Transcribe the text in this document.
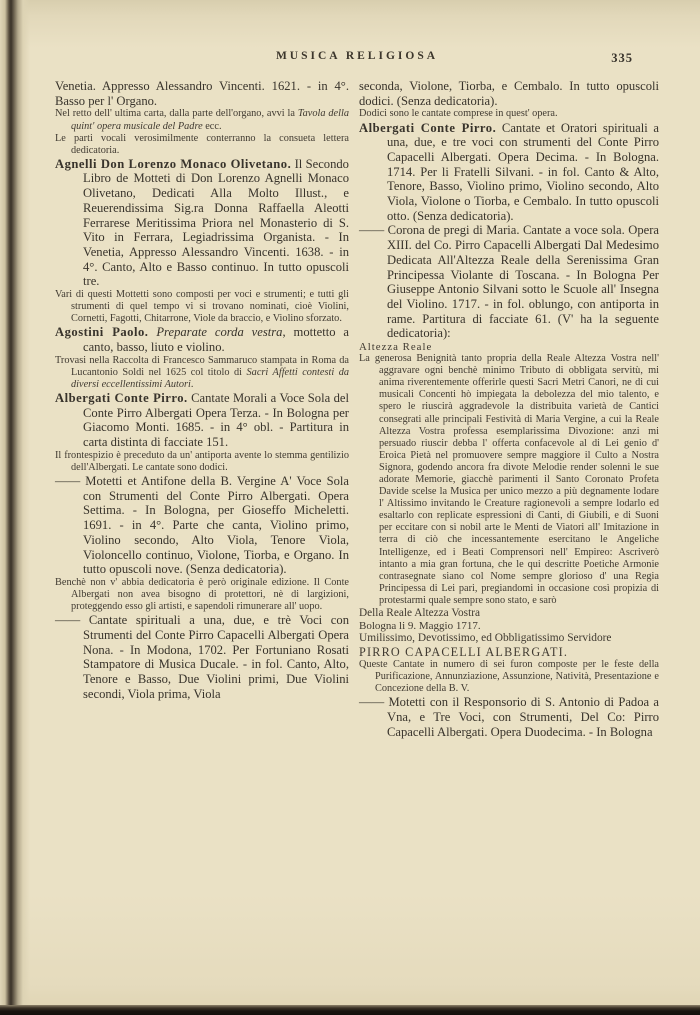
MUSICA RELIGIOSA	335

Venetia. Appresso Alessandro Vincenti. 1621. - in 4°. Basso per l' Organo.

Nel retto dell' ultima carta, dalla parte dell'organo, avvi la Tavola della quint' opera musicale del Padre ecc.

Le parti vocali verosimilmente conterranno la consueta lettera dedicatoria.

Agnelli Don Lorenzo Monaco Olivetano. Il Secondo Libro de Motteti di Don Lorenzo Agnelli Monaco Olivetano, Dedicati Alla Molto Illust., e Reuerendissima Sig.ra Donna Raffaella Aleotti Ferrarese Meritissima Priora nel Monasterio di S. Vito in Ferrara, Legiadrissima Organista. - In Venetia, Appresso Alessandro Vincenti. 1638. - in 4°. Canto, Alto e Basso continuo. In tutto opuscoli tre.

Vari di questi Mottetti sono composti per voci e strumenti; e tutti gli strumenti di quel tempo vi si trovano nominati, cioè Violini, Cornetti, Fagotti, Chitarrone, Viole da braccio, e Violino sforzato.

Agostini Paolo. Preparate corda vestra, mottetto a canto, basso, liuto e violino.

Trovasi nella Raccolta di Francesco Sammaruco stampata in Roma da Lucantonio Soldi nel 1625 col titolo di Sacri Affetti contesti da diversi eccellentissimi Autori.

Albergati Conte Pirro. Cantate Morali a Voce Sola del Conte Pirro Albergati Opera Terza. - In Bologna per Giacomo Monti. 1685. - in 4° obl. - Partitura in carta distinta di facciate 151.

Il frontespizio è preceduto da un' antiporta avente lo stemma gentilizio dell'Albergati. Le cantate sono dodici.

—— Motetti et Antifone della B. Vergine A' Voce Sola con Strumenti del Conte Pirro Albergati. Opera Settima. - In Bologna, per Gioseffo Micheletti. 1691. - in 4°. Parte che canta, Violino primo, Violino secondo, Alto Viola, Tenore Viola, Violoncello continuo, Violone, Tiorba, e Organo. In tutto opuscoli nove. (Senza dedicatoria).

Benchè non v' abbia dedicatoria è però originale edizione. Il Conte Albergati non avea bisogno di protettori, nè di largizioni, proteggendo esso gli artisti, e sapendoli rimunerare all' uopo.

—— Cantate spirituali a una, due, e trè Voci con Strumenti del Conte Pirro Capacelli Albergati Opera Nona. - In Modona, 1702. Per Fortuniano Rosati Stampatore di Musica Ducale. - in fol. Canto, Alto, Tenore e Basso, Due Violini primi, Due Violini secondi, Viola prima, Viola

seconda, Violone, Tiorba, e Cembalo. In tutto opuscoli dodici. (Senza dedicatoria).

Dodici sono le cantate comprese in quest' opera.

Albergati Conte Pirro. Cantate et Oratori spirituali a una, due, e tre voci con strumenti del Conte Pirro Capacelli Albergati. Opera Decima. - In Bologna. 1714. Per li Fratelli Silvani. - in fol. Canto & Alto, Tenore, Basso, Violino primo, Violino secondo, Alto Viola, Violone o Tiorba, e Cembalo. In tutto opuscoli otto. (Senza dedicatoria).

—— Corona de pregi di Maria. Cantate a voce sola. Opera XIII. del Co. Pirro Capacelli Albergati Dal Medesimo Dedicata All'Altezza Reale della Serenissima Gran Principessa Violante di Toscana. - In Bologna Per Giuseppe Antonio Silvani sotto le Scuole all' Insegna del Violino. 1717. - in fol. oblungo, con antiporta in rame. Partitura di facciate 61. (V' ha la seguente dedicatoria):

Altezza Reale

La generosa Benignità tanto propria della Reale Altezza Vostra nell' aggravare ogni benchè minimo Tributo di obbligata servitù, mi anima riverentemente offerirle questi Sacri Metri Canori, ne di cui musicali Concenti hò impiegata la debolezza del mio talento, e spero le riuscirà aggradevole la distribuita varietà de Cantici consegrati alle principali Festività di Maria Vergine, a cui la Reale Altezza Vostra professa esemplarissima Divozione: anzi mi persuado riuscir debba l' offerta confacevole al di Lei genio d' Eroica Pietà nel promuovere sempre maggiore il Culto a Nostra Signora, godendo ancora fra divote Melodie render solenni le sue adorate Memorie, giacchè parimenti il Santo Coronato Profeta Davide scelse la Musica per unico mezzo a più degnamente lodare l' Altissimo invitando le Creature ragionevoli a sempre lodarlo ed esaltarlo con replicate espressioni di Canti, di Giubili, e di Suoni per eccitare con si nobil arte le Menti de Viatori all' Imitazione in terra di ciò che incessantemente esercitano le Angeliche Intelligenze, ed i Beati Comprensori nell' Empireo: Ascriverò intanto a mia gran fortuna, che le qui descritte Poetiche Armonie contrasegnate siano col Nome sempre glorioso d' una Regia Principessa di Lei pari, pregiandomi in occasione così propizia di protestarmi quale sempre sono stato, e sarò

Della Reale Altezza Vostra

Bologna li 9. Maggio 1717.

Umilissimo, Devotissimo, ed Obbligatissimo Servidore

PIRRO CAPACELLI ALBERGATI.

Queste Cantate in numero di sei furon composte per le feste della Purificazione, Annunziazione, Assunzione, Natività, Presentazione e Concezione della B. V.

—— Motetti con il Responsorio di S. Antonio di Padoa a Vna, e Tre Voci, con Strumenti, Del Co: Pirro Capacelli Albergati. Opera Duodecima. - In Bologna
